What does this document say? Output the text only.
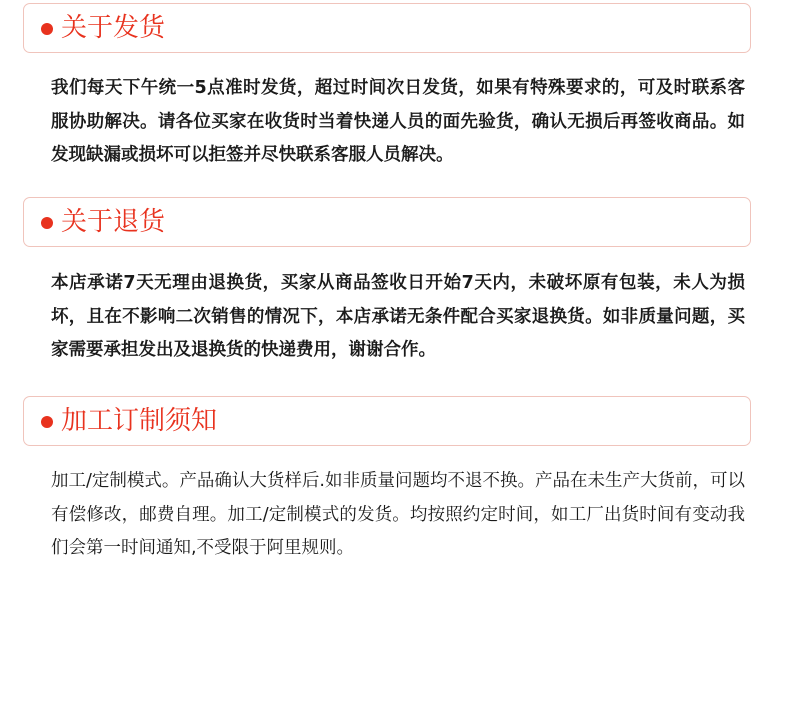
关于发货

我们每天下午统一5点准时发货，超过时间次日发货，如果有特殊要求的，可及时联系客服协助解决。请各位买家在收货时当着快递人员的面先验货，确认无损后再签收商品。如发现缺漏或损坏可以拒签并尽快联系客服人员解决。

关于退货

本店承诺7天无理由退换货，买家从商品签收日开始7天内，未破坏原有包装，未人为损坏，且在不影响二次销售的情况下，本店承诺无条件配合买家退换货。如非质量问题，买家需要承担发出及退换货的快递费用，谢谢合作。

加工订制须知

加工/定制模式。产品确认大货样后.如非质量问题均不退不换。产品在未生产大货前，可以有偿修改，邮费自理。加工/定制模式的发货。均按照约定时间，如工厂出货时间有变动我们会第一时间通知,不受限于阿里规则。
